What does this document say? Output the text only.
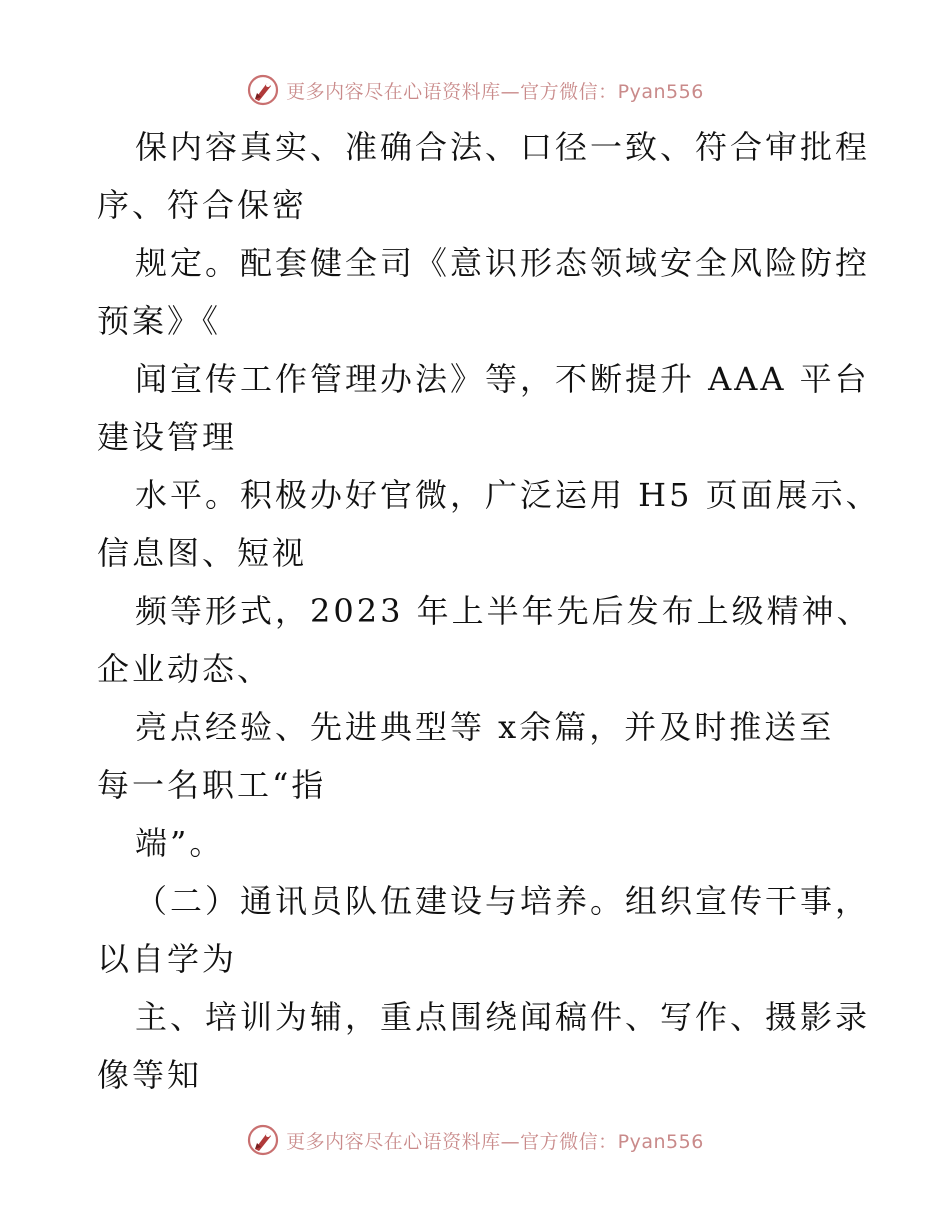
更多内容尽在心语资料库—官方微信：Pyan556
保内容真实、准确合法、口径一致、符合审批程
序、符合保密
规定。配套健全司《意识形态领域安全风险防控
预案》《
闻宣传工作管理办法》等，不断提升 AAA 平台
建设管理
水平。积极办好官微，广泛运用 H5 页面展示、
信息图、短视
频等形式，2023 年上半年先后发布上级精神、
企业动态、
亮点经验、先进典型等 x余篇，并及时推送至
每一名职工“指
端”。
（二）通讯员队伍建设与培养。组织宣传干事，
以自学为
主、培训为辅，重点围绕闻稿件、写作、摄影录
像等知
更多内容尽在心语资料库—官方微信：Pyan556
